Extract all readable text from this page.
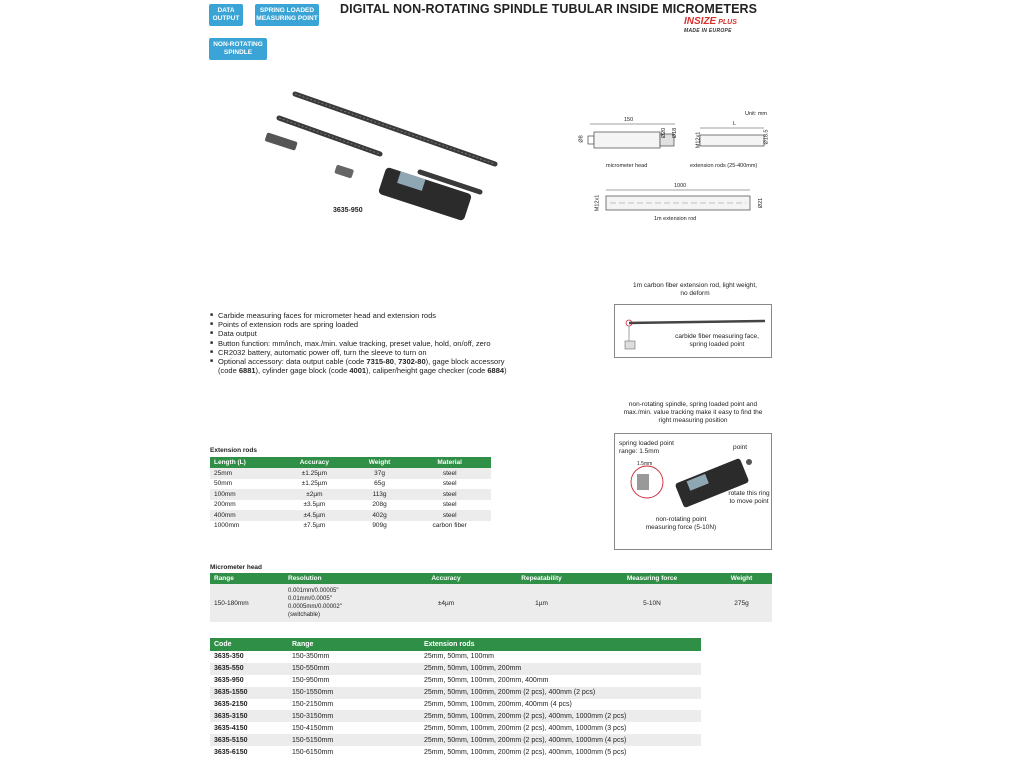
DATA OUTPUT
SPRING LOADED MEASURING POINT
NON-ROTATING SPINDLE
DIGITAL NON-ROTATING SPINDLE TUBULAR INSIDE MICROMETERS
INSIZE PLUS
MADE IN EUROPE
3635-950
Unit: mm
150
Ø8
Ø20 Ø18	M12x1
L
Ø18.5
micrometer head	extension rods (25-400mm)
1000
M12x1	Ø21
1m extension rod
■ Carbide measuring faces for micrometer head and extension rods
■ Points of extension rods are spring loaded
■ Data output
■ Button function: mm/inch, max./min. value tracking, preset value, hold, on/off, zero
■ CR2032 battery, automatic power off, turn the sleeve to turn on
■ Optional accessory: data output cable (code 7315-80, 7302-80), gage block accessory (code 6881), cylinder gage block (code 4001), caliper/height gage checker (code 6884)
1m carbon fiber extension rod, light weight, no deform
carbide fiber measuring face, spring loaded point
non-rotating spindle, spring loaded point and max./min. value tracking make it easy to find the right measuring position
spring loaded point range: 1.5mm
1.5mm
point
rotate this ring to move point
non-rotating point measuring force (5-10N)
Extension rods
Length (L)	Accuracy	Weight	Material
25mm	±1.25µm	37g	steel
50mm	±1.25µm	65g	steel
100mm	±2µm	113g	steel
200mm	±3.5µm	208g	steel
400mm	±4.5µm	402g	steel
1000mm	±7.5µm	909g	carbon fiber
Micrometer head
Range	Resolution	Accuracy	Repeatability	Measuring force	Weight
150-180mm	0.001mm/0.00005"
0.01mm/0.0005"
0.0005mm/0.00002"
(switchable)	±4µm	1µm	5-10N	275g
Code	Range	Extension rods
3635-350	150-350mm	25mm, 50mm, 100mm
3635-550	150-550mm	25mm, 50mm, 100mm, 200mm
3635-950	150-950mm	25mm, 50mm, 100mm, 200mm, 400mm
3635-1550	150-1550mm	25mm, 50mm, 100mm, 200mm (2 pcs), 400mm (2 pcs)
3635-2150	150-2150mm	25mm, 50mm, 100mm, 200mm, 400mm (4 pcs)
3635-3150	150-3150mm	25mm, 50mm, 100mm, 200mm (2 pcs), 400mm, 1000mm (2 pcs)
3635-4150	150-4150mm	25mm, 50mm, 100mm, 200mm (2 pcs), 400mm, 1000mm (3 pcs)
3635-5150	150-5150mm	25mm, 50mm, 100mm, 200mm (2 pcs), 400mm, 1000mm (4 pcs)
3635-6150	150-6150mm	25mm, 50mm, 100mm, 200mm (2 pcs), 400mm, 1000mm (5 pcs)
